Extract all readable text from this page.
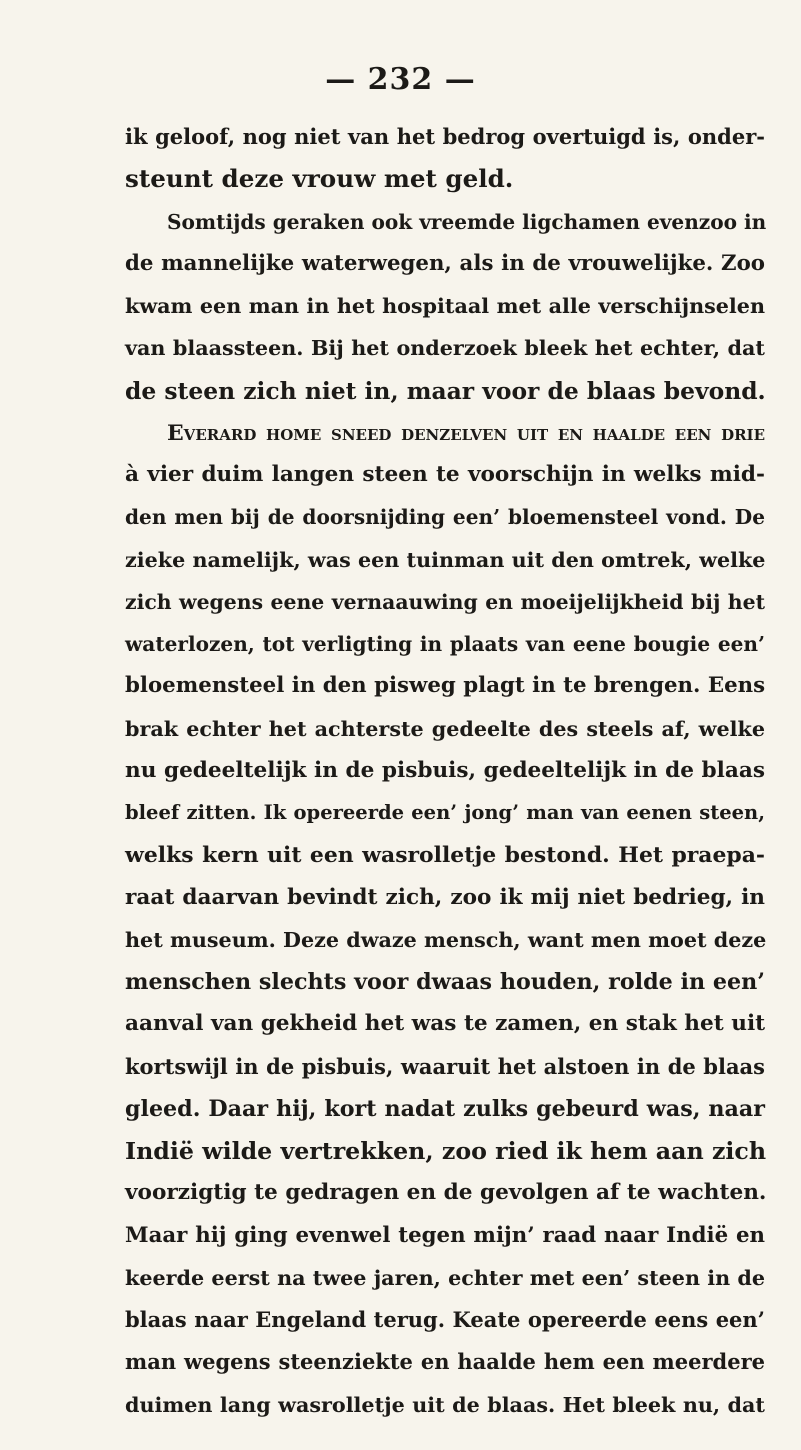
— 232 —
ik geloof, nog niet van het bedrog overtuigd is, onder-
steunt deze vrouw met geld.
Somtijds geraken ook vreemde ligchamen evenzoo in
de mannelijke waterwegen, als in de vrouwelijke. Zoo
kwam een man in het hospitaal met alle verschijnselen
van blaassteen. Bij het onderzoek bleek het echter, dat
de steen zich niet in, maar voor de blaas bevond.
Everard home sneed denzelven uit en haalde een drie
à vier duim langen steen te voorschijn in welks mid-
den men bij de doorsnijding een’ bloemensteel vond. De
zieke namelijk, was een tuinman uit den omtrek, welke
zich wegens eene vernaauwing en moeijelijkheid bij het
waterlozen, tot verligting in plaats van eene bougie een’
bloemensteel in den pisweg plagt in te brengen. Eens
brak echter het achterste gedeelte des steels af, welke
nu gedeeltelijk in de pisbuis, gedeeltelijk in de blaas
bleef zitten. Ik opereerde een’ jong’ man van eenen steen,
welks kern uit een wasrolletje bestond. Het praepa-
raat daarvan bevindt zich, zoo ik mij niet bedrieg, in
het museum. Deze dwaze mensch, want men moet deze
menschen slechts voor dwaas houden, rolde in een’
aanval van gekheid het was te zamen, en stak het uit
kortswijl in de pisbuis, waaruit het alstoen in de blaas
gleed. Daar hij, kort nadat zulks gebeurd was, naar
Indië wilde vertrekken, zoo ried ik hem aan zich
voorzigtig te gedragen en de gevolgen af te wachten.
Maar hij ging evenwel tegen mijn’ raad naar Indië en
keerde eerst na twee jaren, echter met een’ steen in de
blaas naar Engeland terug. Keate opereerde eens een’
man wegens steenziekte en haalde hem een meerdere
duimen lang wasrolletje uit de blaas. Het bleek nu, dat
